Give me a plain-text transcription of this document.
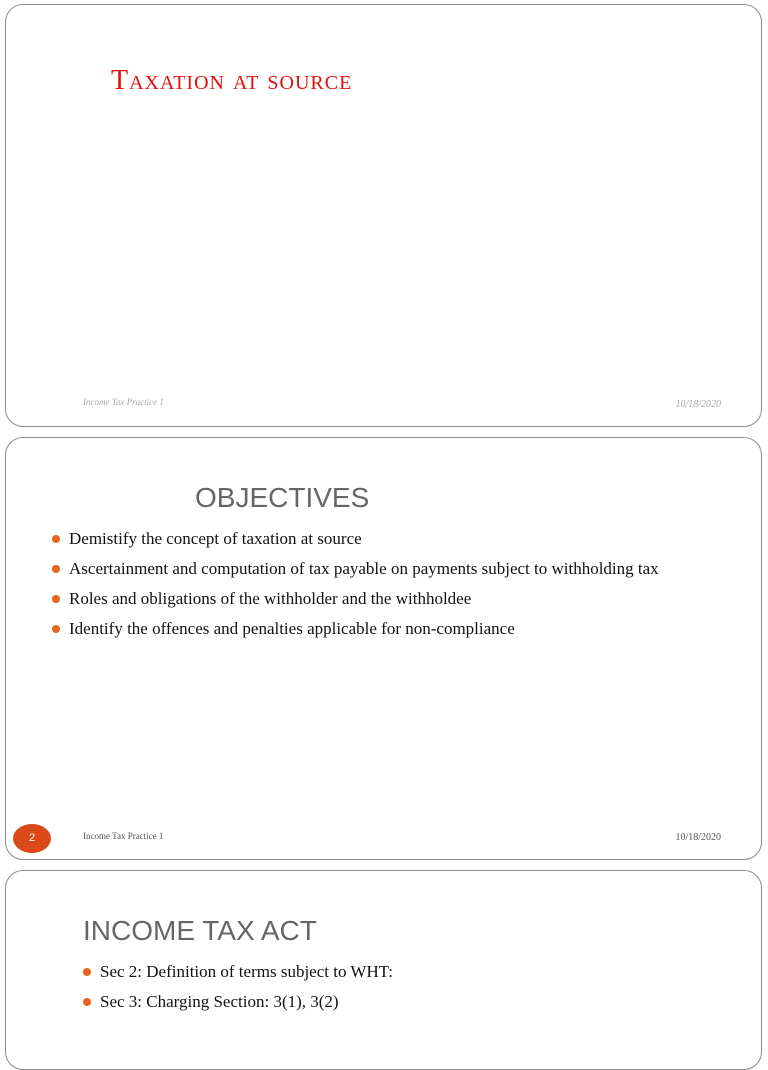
Taxation at source
Income Tax Practice 1	10/18/2020
OBJECTIVES
Demistify the concept of taxation at source
Ascertainment and computation of tax payable on payments subject to withholding tax
Roles and obligations of the withholder and the withholdee
Identify the offences and penalties applicable for non-compliance
2	Income Tax Practice 1	10/18/2020
INCOME TAX ACT
Sec 2: Definition of terms subject to WHT:
Sec 3: Charging Section: 3(1), 3(2)
